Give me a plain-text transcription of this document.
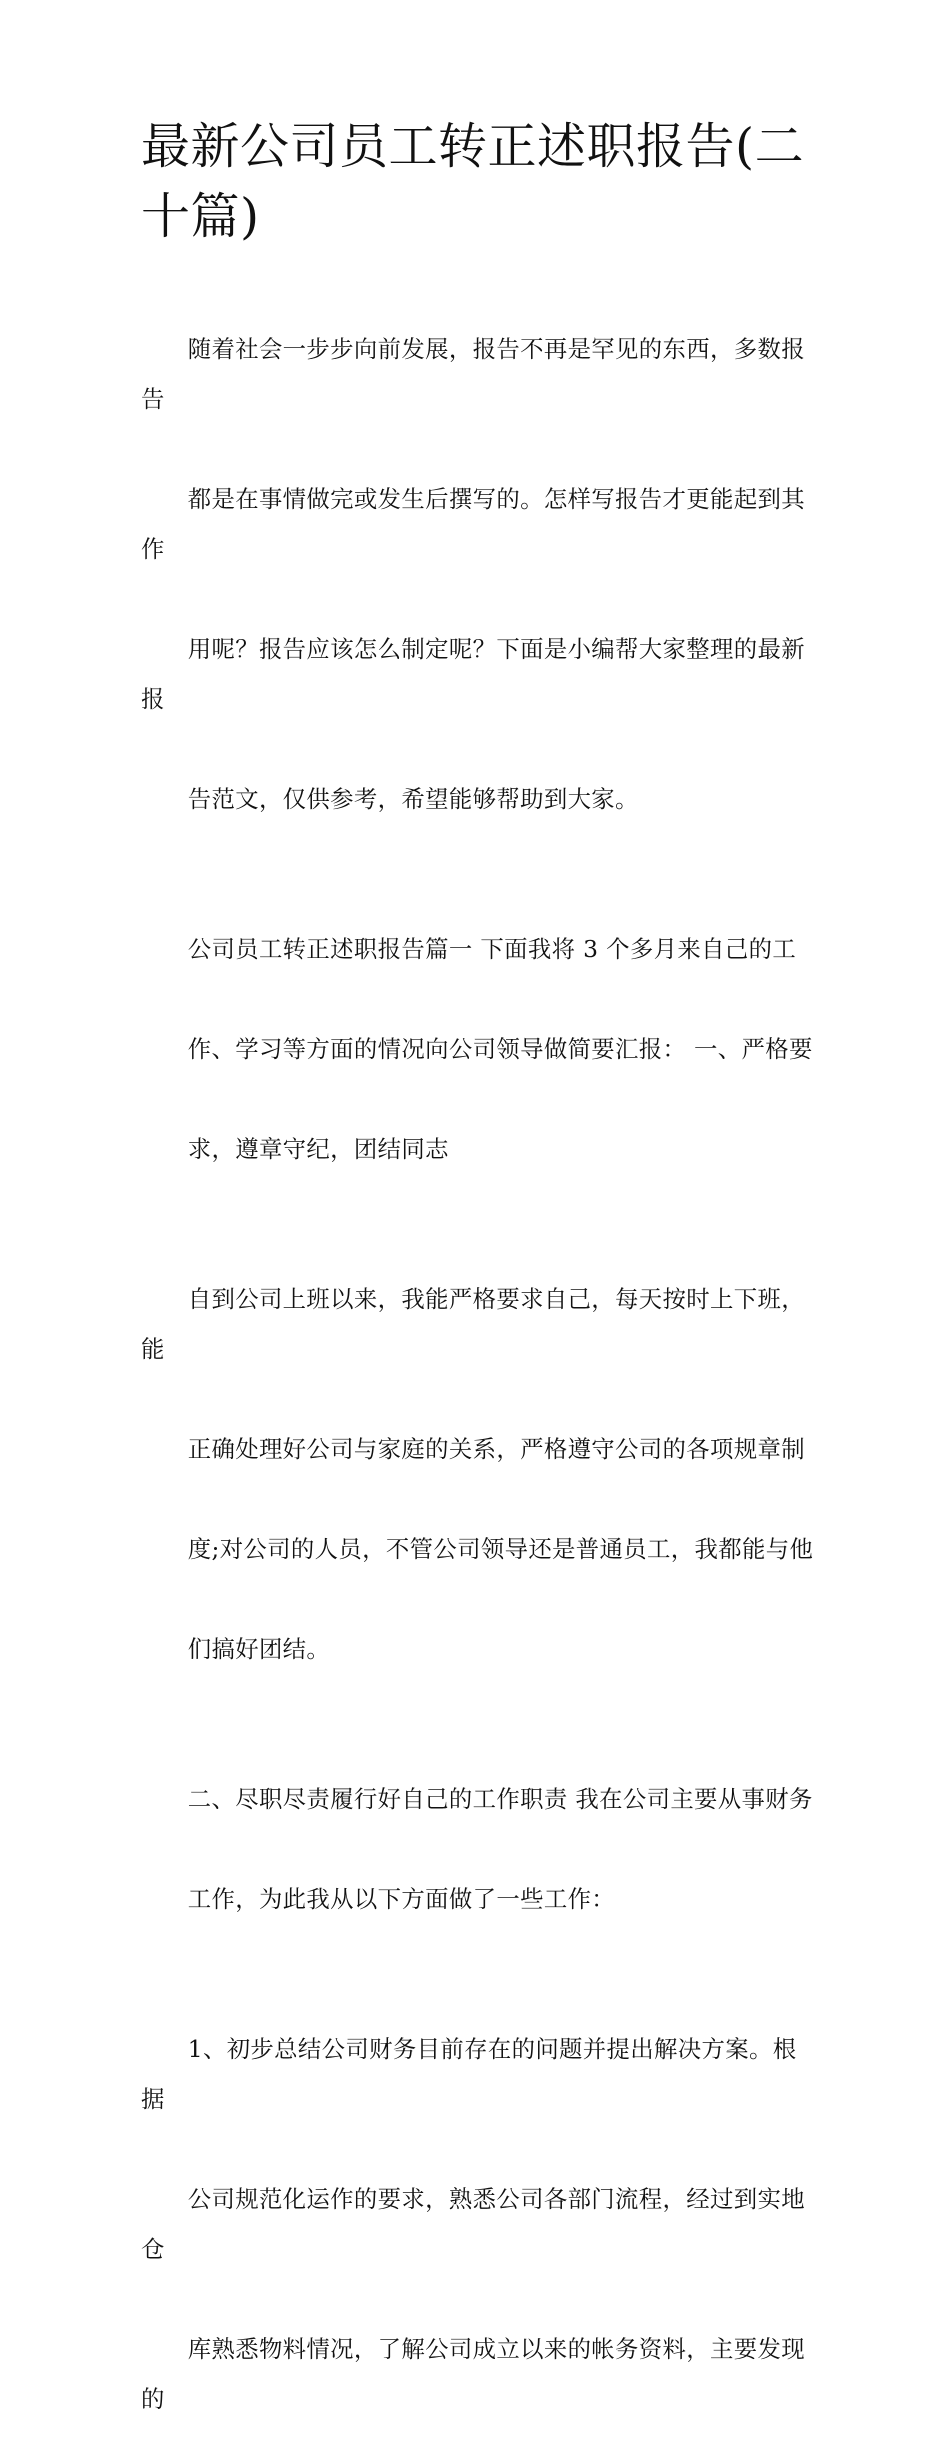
最新公司员工转正述职报告(二
十篇)

随着社会一步步向前发展，报告不再是罕见的东西，多数报告

都是在事情做完或发生后撰写的。怎样写报告才更能起到其作

用呢？报告应该怎么制定呢？下面是小编帮大家整理的最新报

告范文，仅供参考，希望能够帮助到大家。

公司员工转正述职报告篇一 下面我将 3 个多月来自己的工

作、学习等方面的情况向公司领导做简要汇报： 一、严格要

求，遵章守纪，团结同志

自到公司上班以来，我能严格要求自己，每天按时上下班，能

正确处理好公司与家庭的关系，严格遵守公司的各项规章制

度;对公司的人员，不管公司领导还是普通员工，我都能与他

们搞好团结。

二、尽职尽责履行好自己的工作职责 我在公司主要从事财务

工作，为此我从以下方面做了一些工作：

1、初步总结公司财务目前存在的问题并提出解决方案。根据

公司规范化运作的要求，熟悉公司各部门流程，经过到实地仓

库熟悉物料情况，了解公司成立以来的帐务资料，主要发现的
